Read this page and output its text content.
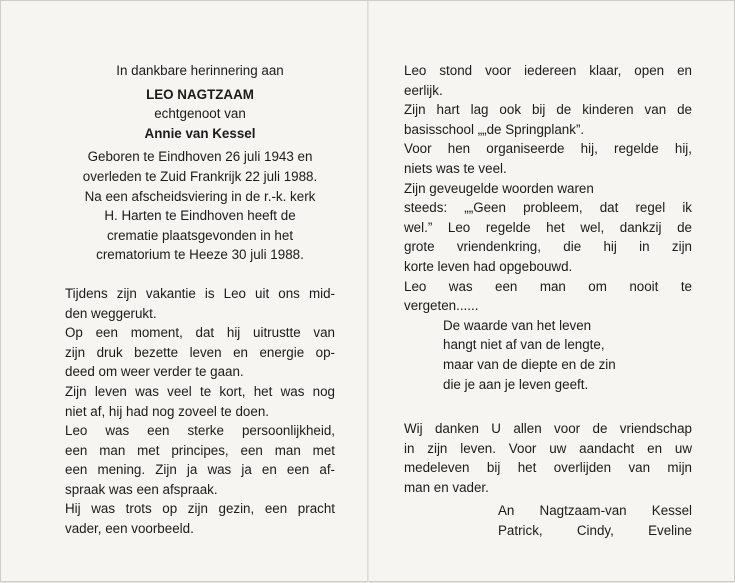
In dankbare herinnering aan
LEO NAGTZAAM
echtgenoot van
Annie van Kessel
Geboren te Eindhoven 26 juli 1943 en
overleden te Zuid Frankrijk 22 juli 1988.
Na een afscheidsviering in de r.-k. kerk
H. Harten te Eindhoven heeft de
crematie plaatsgevonden in het
crematorium te Heeze 30 juli 1988.
Tijdens zijn vakantie is Leo uit ons mid-
den weggerukt.
Op een moment, dat hij uitrustte van
zijn druk bezette leven en energie op-
deed om weer verder te gaan.
Zijn leven was veel te kort, het was nog
niet af, hij had nog zoveel te doen.
Leo was een sterke persoonlijkheid,
een man met principes, een man met
een mening. Zijn ja was ja en een af-
spraak was een afspraak.
Hij was trots op zijn gezin, een pracht
vader, een voorbeeld.
Leo stond voor iedereen klaar, open en
eerlijk.
Zijn hart lag ook bij de kinderen van de
basisschool „„de Springplank”.
Voor hen organiseerde hij, regelde hij,
niets was te veel.
Zijn geveugelde woorden waren
steeds: „„Geen probleem, dat regel ik
wel.” Leo regelde het wel, dankzij de
grote vriendenkring, die hij in zijn
korte leven had opgebouwd.
Leo was een man om nooit te
vergeten......
De waarde van het leven
hangt niet af van de lengte,
maar van de diepte en de zin
die je aan je leven geeft.
Wij danken U allen voor de vriendschap
in zijn leven. Voor uw aandacht en uw
medeleven bij het overlijden van mijn
man en vader.
An Nagtzaam-van Kessel
Patrick, Cindy, Eveline
